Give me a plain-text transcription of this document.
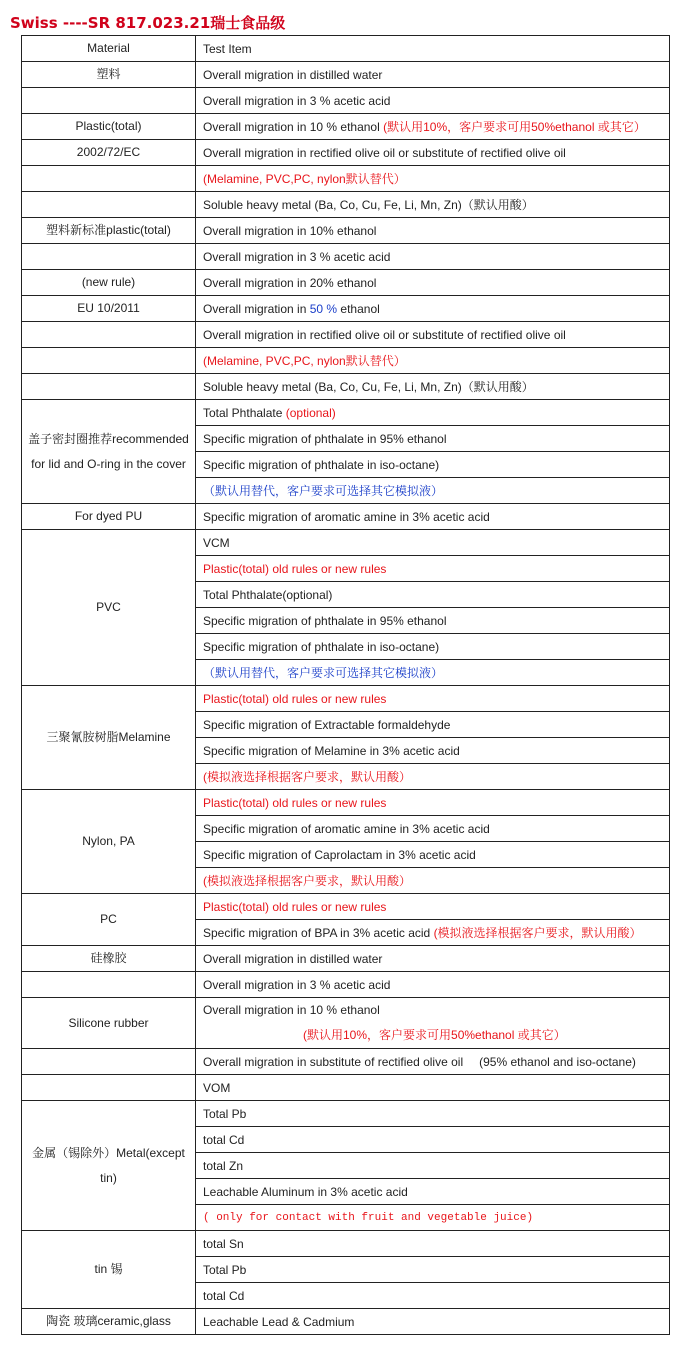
Swiss ----SR 817.023.21瑞士食品级
Material	Test Item
塑料	Overall migration in distilled water
	Overall migration in 3 % acetic acid
Plastic(total)	Overall migration in 10 % ethanol (默认用10%，客户要求可用50%ethanol 或其它）
2002/72/EC	Overall migration in rectified olive oil or substitute of rectified olive oil
	(Melamine, PVC,PC, nylon默认替代）
	Soluble heavy metal (Ba, Co, Cu, Fe, Li, Mn, Zn)（默认用酸）
塑料新标准plastic(total)	Overall migration in 10% ethanol
	Overall migration in 3 % acetic acid
(new rule)	Overall migration in 20% ethanol
EU 10/2011	Overall migration in 50 % ethanol
	Overall migration in rectified olive oil or substitute of rectified olive oil
	(Melamine, PVC,PC, nylon默认替代）
	Soluble heavy metal (Ba, Co, Cu, Fe, Li, Mn, Zn)（默认用酸）
盖子密封圈推荐recommended for lid and O-ring in the cover	Total Phthalate (optional)
	Specific migration of phthalate in 95% ethanol
	Specific migration of phthalate in iso-octane)
	（默认用替代，客户要求可选择其它模拟液）
For dyed PU	Specific migration of aromatic amine in 3% acetic acid
PVC	VCM
	Plastic(total) old rules or new rules
	Total Phthalate(optional)
	Specific migration of phthalate in 95% ethanol
	Specific migration of phthalate in iso-octane)
	（默认用替代，客户要求可选择其它模拟液）
三聚氰胺树脂Melamine	Plastic(total) old rules or new rules
	Specific migration of Extractable formaldehyde
	Specific migration of Melamine in 3% acetic acid
	(模拟液选择根据客户要求，默认用酸）
Nylon, PA	Plastic(total) old rules or new rules
	Specific migration of aromatic amine in 3% acetic acid
	Specific migration of Caprolactam in 3% acetic acid
	(模拟液选择根据客户要求，默认用酸）
PC	Plastic(total) old rules or new rules
	Specific migration of BPA in 3% acetic acid (模拟液选择根据客户要求，默认用酸）
硅橡胶	Overall migration in distilled water
	Overall migration in 3 % acetic acid
Silicone rubber	Overall migration in 10 % ethanol(默认用10%，客户要求可用50%ethanol 或其它）
	Overall migration in substitute of rectified olive oil (95% ethanol and iso-octane)
	VOM
金属（锡除外）Metal(except tin)	Total Pb
	total Cd
	total Zn
	Leachable Aluminum in 3% acetic acid
	( only for contact with fruit and vegetable juice)
tin 锡	total Sn
	Total Pb
	total Cd
陶瓷 玻璃ceramic,glass	Leachable Lead & Cadmium
